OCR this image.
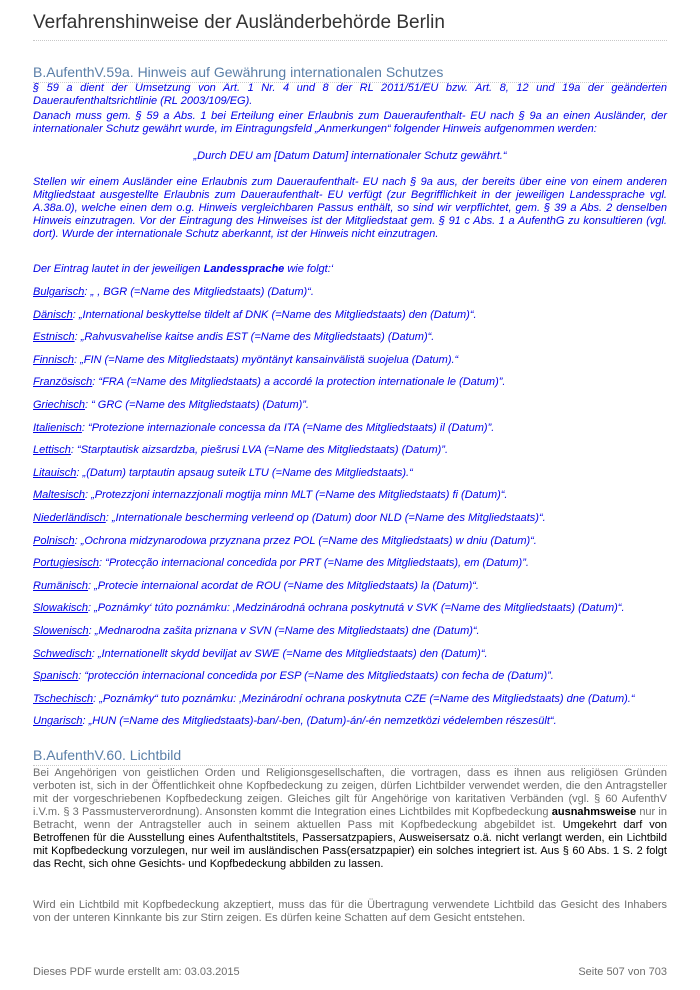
Verfahrenshinweise der Ausländerbehörde Berlin
B.AufenthV.59a. Hinweis auf Gewährung internationalen Schutzes

§ 59 a dient der Umsetzung von Art. 1 Nr. 4 und 8 der RL 2011/51/EU bzw. Art. 8, 12 und 19a der geänderten Daueraufenthaltsrichtlinie (RL 2003/109/EG).

Danach muss gem. § 59 a Abs. 1 bei Erteilung einer Erlaubnis zum Daueraufenthalt- EU nach § 9a an einen Ausländer, der internationaler Schutz gewährt wurde, im Eintragungsfeld „Anmerkungen“ folgender Hinweis aufgenommen werden:

„Durch DEU am [Datum Datum] internationaler Schutz gewährt.“

Stellen wir einem Ausländer eine Erlaubnis zum Daueraufenthalt- EU nach § 9a aus, der bereits über eine von einem anderen Mitgliedstaat ausgestellte Erlaubnis zum Daueraufenthalt- EU verfügt (zur Begrifflichkeit in der jeweiligen Landessprache vgl. A.38a.0), welche einen dem o.g. Hinweis vergleichbaren Passus enthält, so sind wir verpflichtet, gem. § 39 a Abs. 2 denselben Hinweis einzutragen. Vor der Eintragung des Hinweises ist der Mitgliedstaat gem. § 91 c Abs. 1 a AufenthG zu konsultieren (vgl. dort). Wurde der internationale Schutz aberkannt, ist der Hinweis nicht einzutragen.

Der Eintrag lautet in der jeweiligen Landessprache wie folgt:‘

Bulgarisch: „ , BGR (=Name des Mitgliedstaats) (Datum)“.

Dänisch: „International beskyttelse tildelt af DNK (=Name des Mitgliedstaats) den (Datum)“.

Estnisch: „Rahvusvahelise kaitse andis EST (=Name des Mitgliedstaats) (Datum)“.

Finnisch: „FIN (=Name des Mitgliedstaats) myöntänyt kansainvälistä suojelua (Datum).“

Französisch: “FRA (=Name des Mitgliedstaats) a accordé la protection internationale le (Datum)”.

Griechisch: “ GRC (=Name des Mitgliedstaats) (Datum)”.

Italienisch: “Protezione internazionale concessa da ITA (=Name des Mitgliedstaats) il (Datum)”.

Lettisch: “Starptautisk aizsardzba, piešrusi LVA (=Name des Mitgliedstaats) (Datum)”.

Litauisch: „(Datum) tarptautin apsaug suteik LTU (=Name des Mitgliedstaats).“

Maltesisch: „Protezzjoni internazzjonali mogtija minn MLT (=Name des Mitgliedstaats) fi (Datum)“.

Niederländisch: „Internationale bescherming verleend op (Datum) door NLD (=Name des Mitgliedstaats)“.

Polnisch: „Ochrona midzynarodowa przyznana przez POL (=Name des Mitgliedstaats) w dniu (Datum)“.

Portugiesisch: “Protecção internacional concedida por PRT (=Name des Mitgliedstaats), em (Datum)”.

Rumänisch: „Protecie internaional acordat de ROU (=Name des Mitgliedstaats) la (Datum)“.

Slowakisch: „Poznámky‘ túto poznámku: ‚Medzinárodná ochrana poskytnutá v SVK (=Name des Mitgliedstaats) (Datum)“.

Slowenisch: „Mednarodna zašita priznana v SVN (=Name des Mitgliedstaats) dne (Datum)“.

Schwedisch: „Internationellt skydd beviljat av SWE (=Name des Mitgliedstaats) den (Datum)“.

Spanisch: “protección internacional concedida por ESP (=Name des Mitgliedstaats) con fecha de (Datum)”.

Tschechisch: „Poznámky“ tuto poznámku: ‚Mezinárodní ochrana poskytnuta CZE (=Name des Mitgliedstaats) dne (Datum).“

Ungarisch: „HUN (=Name des Mitgliedstaats)-ban/-ben, (Datum)-án/-én nemzetközi védelemben részesült“.

B.AufenthV.60. Lichtbild

Bei Angehörigen von geistlichen Orden und Religionsgesellschaften, die vortragen, dass es ihnen aus religiösen Gründen verboten ist, sich in der Öffentlichkeit ohne Kopfbedeckung zu zeigen, dürfen Lichtbilder verwendet werden, die den Antragsteller mit der vorgeschriebenen Kopfbedeckung zeigen. Gleiches gilt für Angehörige von karitativen Verbänden (vgl. § 60 AufenthV i.V.m. § 3 Passmusterverordnung). Ansonsten kommt die Integration eines Lichtbildes mit Kopfbedeckung ausnahmsweise nur in Betracht, wenn der Antragsteller auch in seinem aktuellen Pass mit Kopfbedeckung abgebildet ist. Umgekehrt darf von Betroffenen für die Ausstellung eines Aufenthaltstitels, Passersatzpapiers, Ausweisersatz o.ä. nicht verlangt werden, ein Lichtbild mit Kopfbedeckung vorzulegen, nur weil im ausländischen Pass(ersatzpapier) ein solches integriert ist. Aus § 60 Abs. 1 S. 2 folgt das Recht, sich ohne Gesichts- und Kopfbedeckung abbilden zu lassen.

Wird ein Lichtbild mit Kopfbedeckung akzeptiert, muss das für die Übertragung verwendete Lichtbild das Gesicht des Inhabers von der unteren Kinnkante bis zur Stirn zeigen. Es dürfen keine Schatten auf dem Gesicht entstehen.

Dieses PDF wurde erstellt am: 03.03.2015	Seite 507 von 703
